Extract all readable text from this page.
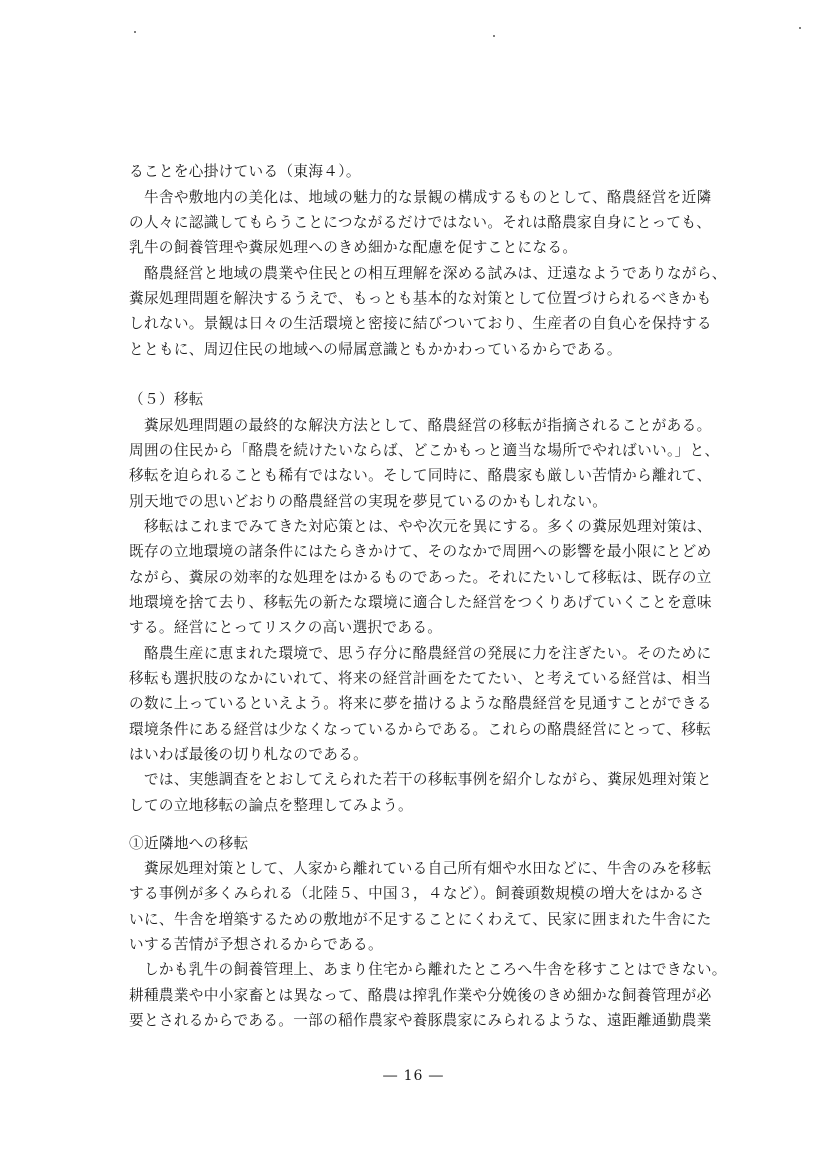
ることを心掛けている（東海４）。
　牛舎や敷地内の美化は、地域の魅力的な景観の構成するものとして、酪農経営を近隣
の人々に認識してもらうことにつながるだけではない。それは酪農家自身にとっても、
乳牛の飼養管理や糞尿処理へのきめ細かな配慮を促すことになる。
　酪農経営と地域の農業や住民との相互理解を深める試みは、迂遠なようでありながら、
糞尿処理問題を解決するうえで、もっとも基本的な対策として位置づけられるべきかも
しれない。景観は日々の生活環境と密接に結びついており、生産者の自負心を保持する
とともに、周辺住民の地域への帰属意識ともかかわっているからである。
（５）移転
　糞尿処理問題の最終的な解決方法として、酪農経営の移転が指摘されることがある。
周囲の住民から「酪農を続けたいならば、どこかもっと適当な場所でやればいい。」と、
移転を迫られることも稀有ではない。そして同時に、酪農家も厳しい苦情から離れて、
別天地での思いどおりの酪農経営の実現を夢見ているのかもしれない。
　移転はこれまでみてきた対応策とは、やや次元を異にする。多くの糞尿処理対策は、
既存の立地環境の諸条件にはたらきかけて、そのなかで周囲への影響を最小限にとどめ
ながら、糞尿の効率的な処理をはかるものであった。それにたいして移転は、既存の立
地環境を捨て去り、移転先の新たな環境に適合した経営をつくりあげていくことを意味
する。経営にとってリスクの高い選択である。
　酪農生産に恵まれた環境で、思う存分に酪農経営の発展に力を注ぎたい。そのために
移転も選択肢のなかにいれて、将来の経営計画をたてたい、と考えている経営は、相当
の数に上っているといえよう。将来に夢を描けるような酪農経営を見通すことができる
環境条件にある経営は少なくなっているからである。これらの酪農経営にとって、移転
はいわば最後の切り札なのである。
　では、実態調査をとおしてえられた若干の移転事例を紹介しながら、糞尿処理対策と
しての立地移転の論点を整理してみよう。
①近隣地への移転
　糞尿処理対策として、人家から離れている自己所有畑や水田などに、牛舎のみを移転
する事例が多くみられる（北陸５、中国３，４など）。飼養頭数規模の増大をはかるさ
いに、牛舎を増築するための敷地が不足することにくわえて、民家に囲まれた牛舎にた
いする苦情が予想されるからである。
　しかも乳牛の飼養管理上、あまり住宅から離れたところへ牛舎を移すことはできない。
耕種農業や中小家畜とは異なって、酪農は搾乳作業や分娩後のきめ細かな飼養管理が必
要とされるからである。一部の稲作農家や養豚農家にみられるような、遠距離通勤農業
― 16 ―
